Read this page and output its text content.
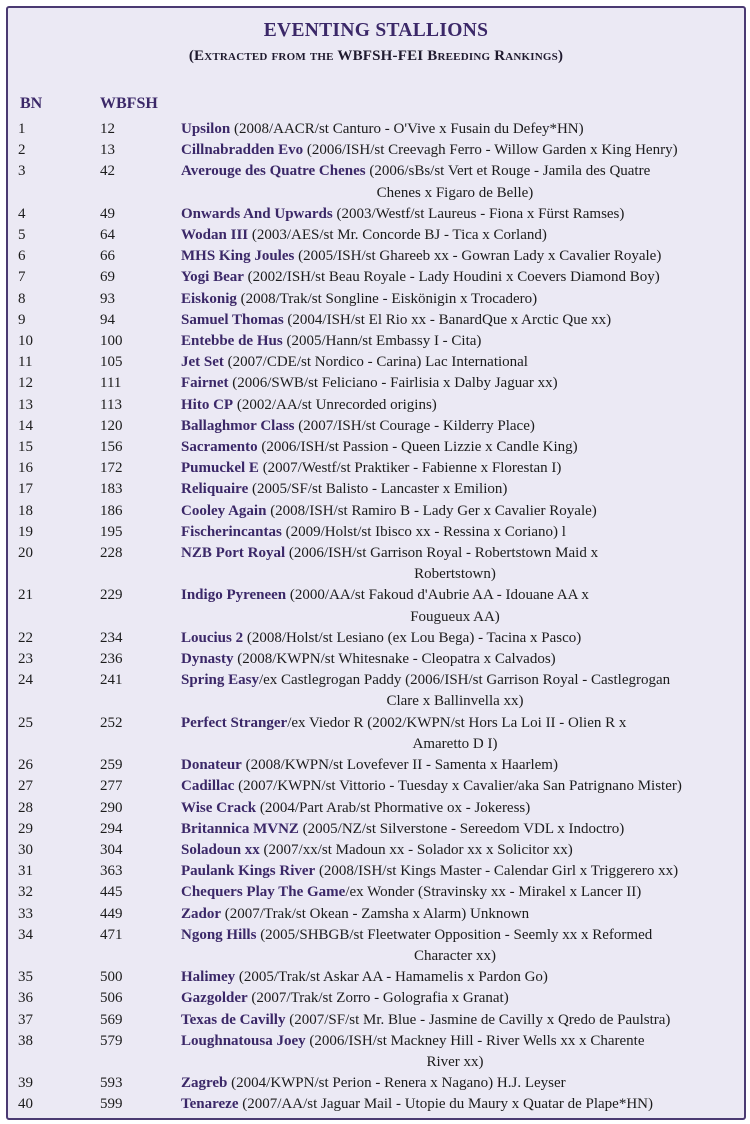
EVENTING STALLIONS
(Extracted from the WBFSH-FEI Breeding Rankings)
BN	WBFSH
1	12	Upsilon (2008/AACR/st Canturo - O'Vive x Fusain du Defey*HN)
2	13	Cillnabradden Evo (2006/ISH/st Creevagh Ferro - Willow Garden x King Henry)
3	42	Averouge des Quatre Chenes (2006/sBs/st Vert et Rouge - Jamila des Quatre
Chenes x Figaro de Belle)
4	49	Onwards And Upwards (2003/Westf/st Laureus - Fiona x Fürst Ramses)
5	64	Wodan III (2003/AES/st Mr. Concorde BJ - Tica x Corland)
6	66	MHS King Joules (2005/ISH/st Ghareeb xx - Gowran Lady x Cavalier Royale)
7	69	Yogi Bear (2002/ISH/st Beau Royale - Lady Houdini x Coevers Diamond Boy)
8	93	Eiskonig (2008/Trak/st Songline - Eiskönigin x Trocadero)
9	94	Samuel Thomas (2004/ISH/st El Rio xx - BanardQue x Arctic Que xx)
10	100	Entebbe de Hus (2005/Hann/st Embassy I - Cita)
11	105	Jet Set (2007/CDE/st Nordico - Carina) Lac International
12	111	Fairnet (2006/SWB/st Feliciano - Fairlisia x Dalby Jaguar xx)
13	113	Hito CP (2002/AA/st Unrecorded origins)
14	120	Ballaghmor Class (2007/ISH/st Courage - Kilderry Place)
15	156	Sacramento (2006/ISH/st Passion - Queen Lizzie x Candle King)
16	172	Pumuckel E (2007/Westf/st Praktiker - Fabienne x Florestan I)
17	183	Reliquaire (2005/SF/st Balisto - Lancaster x Emilion)
18	186	Cooley Again (2008/ISH/st Ramiro B - Lady Ger x Cavalier Royale)
19	195	Fischerincantas (2009/Holst/st Ibisco xx - Ressina x Coriano) l
20	228	NZB Port Royal (2006/ISH/st Garrison Royal - Robertstown Maid x
Robertstown)
21	229	Indigo Pyreneen (2000/AA/st Fakoud d'Aubrie AA - Idouane AA x
Fougueux AA)
22	234	Loucius 2 (2008/Holst/st Lesiano (ex Lou Bega) - Tacina x Pasco)
23	236	Dynasty (2008/KWPN/st Whitesnake - Cleopatra x Calvados)
24	241	Spring Easy/ex Castlegrogan Paddy (2006/ISH/st Garrison Royal - Castlegrogan
Clare x Ballinvella xx)
25	252	Perfect Stranger/ex Viedor R (2002/KWPN/st Hors La Loi II - Olien R x
Amaretto D I)
26	259	Donateur (2008/KWPN/st Lovefever II - Samenta x Haarlem)
27	277	Cadillac (2007/KWPN/st Vittorio - Tuesday x Cavalier/aka San Patrignano Mister)
28	290	Wise Crack (2004/Part Arab/st Phormative ox - Jokeress)
29	294	Britannica MVNZ (2005/NZ/st Silverstone - Sereedom VDL x Indoctro)
30	304	Soladoun xx (2007/xx/st Madoun xx - Solador xx x Solicitor xx)
31	363	Paulank Kings River (2008/ISH/st Kings Master - Calendar Girl x Triggerero xx)
32	445	Chequers Play The Game/ex Wonder (Stravinsky xx - Mirakel x Lancer II)
33	449	Zador (2007/Trak/st Okean - Zamsha x Alarm) Unknown
34	471	Ngong Hills (2005/SHBGB/st Fleetwater Opposition - Seemly xx x Reformed
Character xx)
35	500	Halimey (2005/Trak/st Askar AA - Hamamelis x Pardon Go)
36	506	Gazgolder (2007/Trak/st Zorro - Golografia x Granat)
37	569	Texas de Cavilly (2007/SF/st Mr. Blue - Jasmine de Cavilly x Qredo de Paulstra)
38	579	Loughnatousa Joey (2006/ISH/st Mackney Hill - River Wells xx x Charente
River xx)
39	593	Zagreb (2004/KWPN/st Perion - Renera x Nagano) H.J. Leyser
40	599	Tenareze (2007/AA/st Jaguar Mail - Utopie du Maury x Quatar de Plape*HN)
